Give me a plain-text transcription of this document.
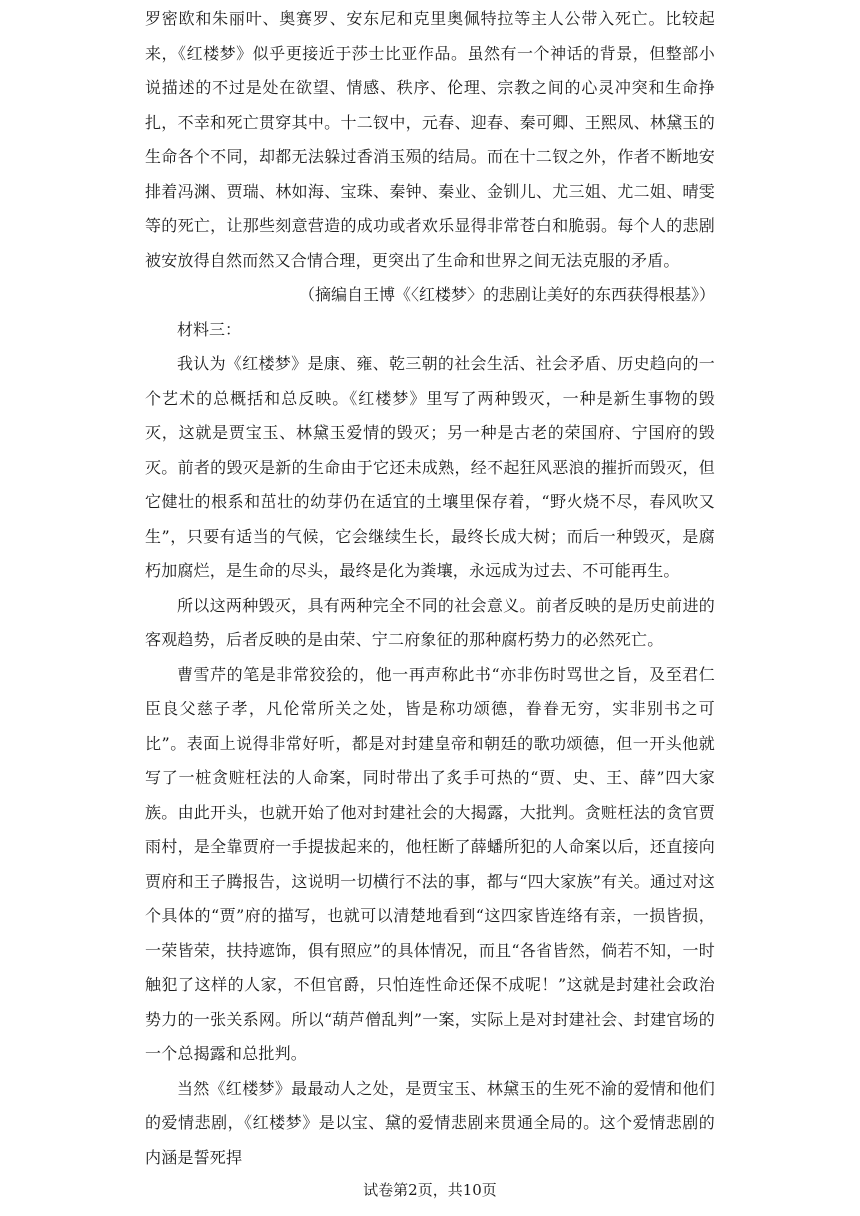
罗密欧和朱丽叶、奥赛罗、安东尼和克里奥佩特拉等主人公带入死亡。比较起来，《红楼梦》似乎更接近于莎士比亚作品。虽然有一个神话的背景，但整部小说描述的不过是处在欲望、情感、秩序、伦理、宗教之间的心灵冲突和生命挣扎，不幸和死亡贯穿其中。十二钗中，元春、迎春、秦可卿、王熙凤、林黛玉的生命各个不同，却都无法躲过香消玉殒的结局。而在十二钗之外，作者不断地安排着冯渊、贾瑞、林如海、宝珠、秦钟、秦业、金钏儿、尤三姐、尤二姐、晴雯等的死亡，让那些刻意营造的成功或者欢乐显得非常苍白和脆弱。每个人的悲剧被安放得自然而然又合情合理，更突出了生命和世界之间无法克服的矛盾。

（摘编自王博《〈红楼梦〉的悲剧让美好的东西获得根基》）

材料三：

我认为《红楼梦》是康、雍、乾三朝的社会生活、社会矛盾、历史趋向的一个艺术的总概括和总反映。《红楼梦》里写了两种毁灭，一种是新生事物的毁灭，这就是贾宝玉、林黛玉爱情的毁灭；另一种是古老的荣国府、宁国府的毁灭。前者的毁灭是新的生命由于它还未成熟，经不起狂风恶浪的摧折而毁灭，但它健壮的根系和茁壮的幼芽仍在适宜的土壤里保存着，“野火烧不尽，春风吹又生”，只要有适当的气候，它会继续生长，最终长成大树；而后一种毁灭，是腐朽加腐烂，是生命的尽头，最终是化为粪壤，永远成为过去、不可能再生。

所以这两种毁灭，具有两种完全不同的社会意义。前者反映的是历史前进的客观趋势，后者反映的是由荣、宁二府象征的那种腐朽势力的必然死亡。

曹雪芹的笔是非常狡狯的，他一再声称此书“亦非伤时骂世之旨，及至君仁臣良父慈子孝，凡伦常所关之处，皆是称功颂德，眷眷无穷，实非别书之可比”。表面上说得非常好听，都是对封建皇帝和朝廷的歌功颂德，但一开头他就写了一桩贪赃枉法的人命案，同时带出了炙手可热的“贾、史、王、薛”四大家族。由此开头，也就开始了他对封建社会的大揭露，大批判。贪赃枉法的贪官贾雨村，是全靠贾府一手提拔起来的，他枉断了薛蟠所犯的人命案以后，还直接向贾府和王子腾报告，这说明一切横行不法的事，都与“四大家族”有关。通过对这个具体的“贾”府的描写，也就可以清楚地看到“这四家皆连络有亲，一损皆损，一荣皆荣，扶持遮饰，俱有照应”的具体情况，而且“各省皆然，倘若不知，一时触犯了这样的人家，不但官爵，只怕连性命还保不成呢！”这就是封建社会政治势力的一张关系网。所以“葫芦僧乱判”一案，实际上是对封建社会、封建官场的一个总揭露和总批判。

当然《红楼梦》最最动人之处，是贾宝玉、林黛玉的生死不渝的爱情和他们的爱情悲剧，《红楼梦》是以宝、黛的爱情悲剧来贯通全局的。这个爱情悲剧的内涵是誓死捍

试卷第2页，共10页
